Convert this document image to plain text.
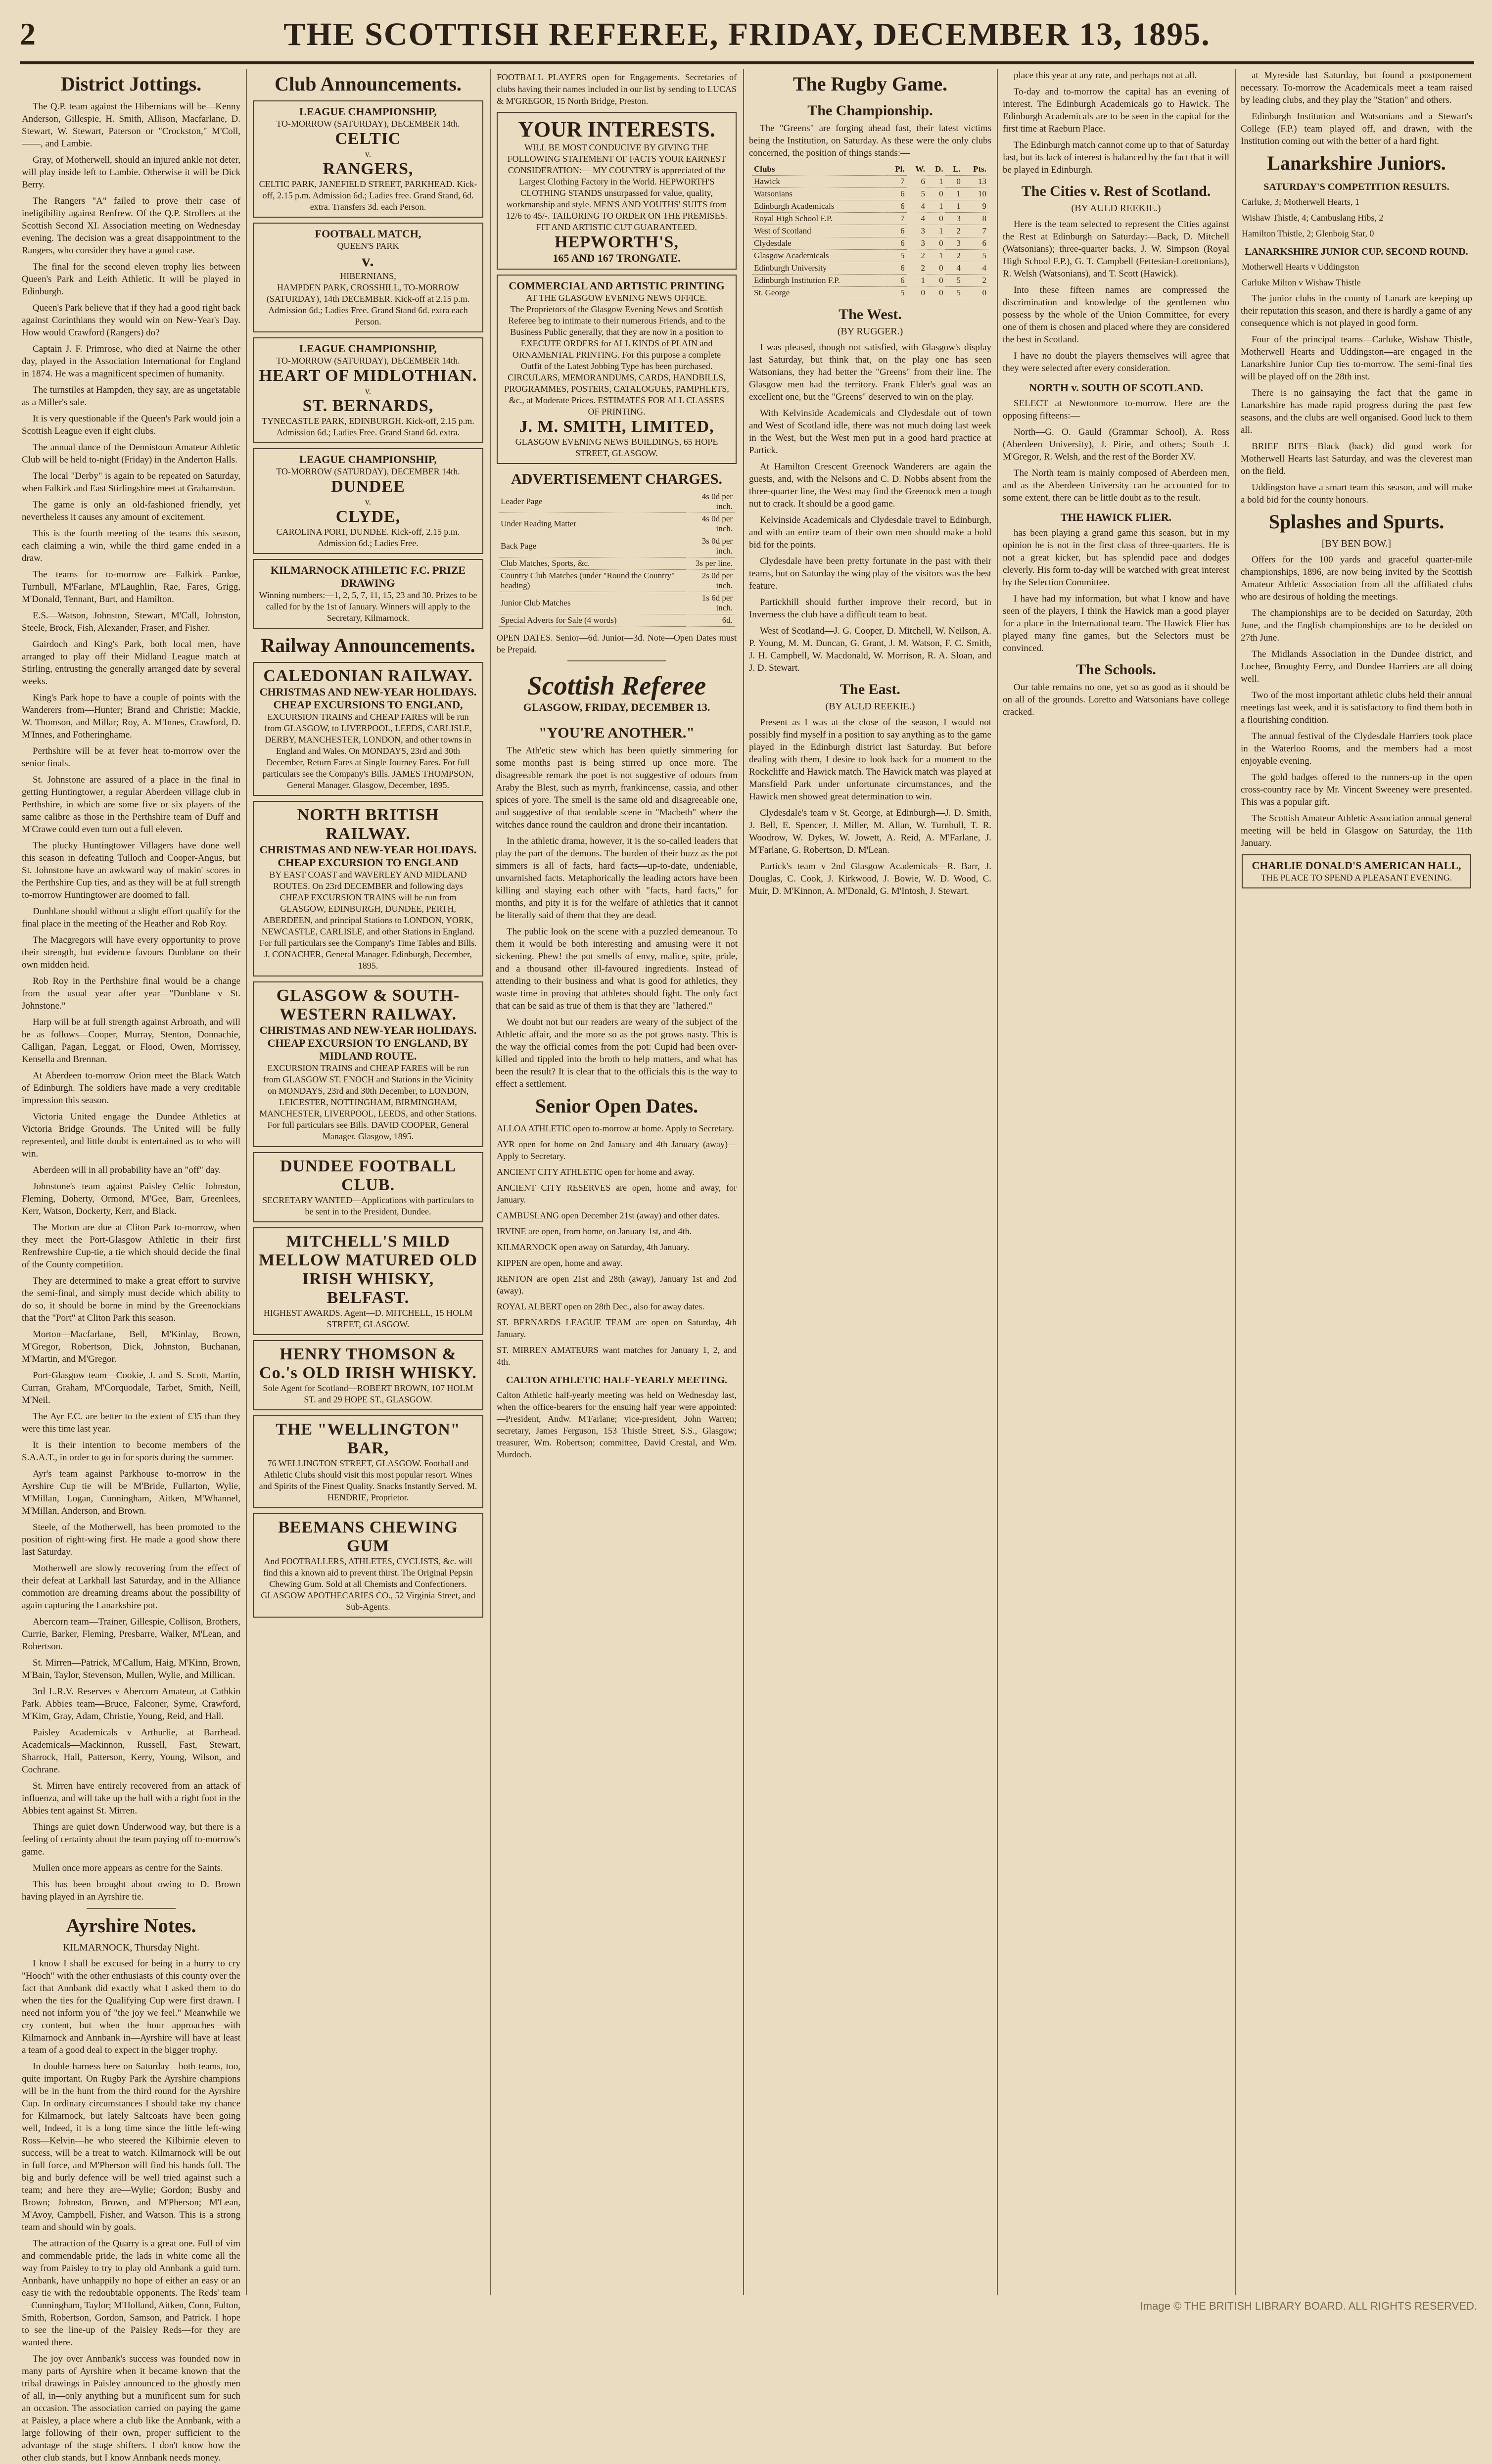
2	THE SCOTTISH REFEREE, FRIDAY, DECEMBER 13, 1895.
District Jottings.
The Q.P. team against the Hibernians will be—Kenny Anderson, Gillespie, H. Smith, Allison, Macfarlane, D. Stewart, W. Stewart, Paterson or "Crockston," M'Coll, ——, and Lambie.
Gray, of Motherwell, should an injured ankle not deter, will play inside left to Lambie. Otherwise it will be Dick Berry.
The Rangers "A" failed to prove their case of ineligibility against Renfrew. Of the Q.P. Strollers at the Scottish Second XI. Association meeting on Wednesday evening. The decision was a great disappointment to the Rangers, who consider they have a good case.
The final for the second eleven trophy lies between Queen's Park and Leith Athletic. It will be played in Edinburgh.
Queen's Park believe that if they had a good right back against Corinthians they would win on New-Year's Day. How would Crawford (Rangers) do?
Captain J. F. Primrose, who died at Nairne the other day, played in the Association International for England in 1874. He was a magnificent specimen of humanity.
The turnstiles at Hampden, they say, are as ungetatable as a Miller's sale.
It is very questionable if the Queen's Park would join a Scottish League even if eight clubs.
The annual dance of the Dennistoun Amateur Athletic Club will be held to-night (Friday) in the Anderton Halls.
The local "Derby" is again to be repeated on Saturday, when Falkirk and East Stirlingshire meet at Grahamston.
The game is only an old-fashioned friendly, yet nevertheless it causes any amount of excitement.
This is the fourth meeting of the teams this season, each claiming a win, while the third game ended in a draw.
The teams for to-morrow are—Falkirk—Pardoe, Turnbull, M'Farlane, M'Laughlin, Rae, Fares, Grigg, M'Donald, Tennant, Burt, and Hamilton.
E.S.—Watson, Johnston, Stewart, M'Call, Johnston, Steele, Brock, Fish, Alexander, Fraser, and Fisher.
Gairdoch and King's Park, both local men, have arranged to play off their Midland League match at Stirling, entrusting the generally arranged date by several weeks.
King's Park hope to have a couple of points with the Wanderers from—Hunter; Brand and Christie; Mackie, W. Thomson, and Millar; Roy, A. M'Innes, Crawford, D. M'Innes, and Fotheringhame.
Perthshire will be at fever heat to-morrow over the senior finals.
St. Johnstone are assured of a place in the final in getting Huntingtower, a regular Aberdeen village club in Perthshire, in which are some five or six players of the same calibre as those in the Perthshire team of Duff and M'Crawe could even turn out a full eleven.
The plucky Huntingtower Villagers have done well this season in defeating Tulloch and Cooper-Angus, but St. Johnstone have an awkward way of makin' scores in the Perthshire Cup ties, and as they will be at full strength to-morrow Huntingtower are doomed to fall.
Dunblane should without a slight effort qualify for the final place in the meeting of the Heather and Rob Roy.
The Macgregors will have every opportunity to prove their strength, but evidence favours Dunblane on their own midden heid.
Rob Roy in the Perthshire final would be a change from the usual year after year—"Dunblane v St. Johnstone."
Harp will be at full strength against Arbroath, and will be as follows—Cooper, Murray, Stenton, Donnachie, Calligan, Pagan, Leggat, or Flood, Owen, Morrissey, Kensella and Brennan.
At Aberdeen to-morrow Orion meet the Black Watch of Edinburgh. The soldiers have made a very creditable impression this season.
Victoria United engage the Dundee Athletics at Victoria Bridge Grounds. The United will be fully represented, and little doubt is entertained as to who will win.
Aberdeen will in all probability have an "off" day.
Johnstone's team against Paisley Celtic—Johnston, Fleming, Doherty, Ormond, M'Gee, Barr, Greenlees, Kerr, Watson, Dockerty, Kerr, and Black.
The Morton are due at Cliton Park to-morrow, when they meet the Port-Glasgow Athletic in their first Renfrewshire Cup-tie, a tie which should decide the final of the County competition.
They are determined to make a great effort to survive the semi-final, and simply must decide which ability to do so, it should be borne in mind by the Greenockians that the "Port" at Cliton Park this season.
Morton—Macfarlane, Bell, M'Kinlay, Brown, M'Gregor, Robertson, Dick, Johnston, Buchanan, M'Martin, and M'Gregor.
Port-Glasgow team—Cookie, J. and S. Scott, Martin, Curran, Graham, M'Corquodale, Tarbet, Smith, Neill, M'Neil.
The Ayr F.C. are better to the extent of £35 than they were this time last year.
It is their intention to become members of the S.A.A.T., in order to go in for sports during the summer.
Ayr's team against Parkhouse to-morrow in the Ayrshire Cup tie will be M'Bride, Fullarton, Wylie, M'Millan, Logan, Cunningham, Aitken, M'Whannel, M'Millan, Anderson, and Brown.
Steele, of the Motherwell, has been promoted to the position of right-wing first. He made a good show there last Saturday.
Motherwell are slowly recovering from the effect of their defeat at Larkhall last Saturday, and in the Alliance commotion are dreaming dreams about the possibility of again capturing the Lanarkshire pot.
Abercorn team—Trainer, Gillespie, Collison, Brothers, Currie, Barker, Fleming, Presbarre, Walker, M'Lean, and Robertson.
St. Mirren—Patrick, M'Callum, Haig, M'Kinn, Brown, M'Bain, Taylor, Stevenson, Mullen, Wylie, and Millican.
3rd L.R.V. Reserves v Abercorn Amateur, at Cathkin Park. Abbies team—Bruce, Falconer, Syme, Crawford, M'Kim, Gray, Adam, Christie, Young, Reid, and Hall.
Paisley Academicals v Arthurlie, at Barrhead. Academicals—Mackinnon, Russell, Fast, Stewart, Sharrock, Hall, Patterson, Kerry, Young, Wilson, and Cochrane.
St. Mirren have entirely recovered from an attack of influenza, and will take up the ball with a right foot in the Abbies tent against St. Mirren.
Things are quiet down Underwood way, but there is a feeling of certainty about the team paying off to-morrow's game.
Mullen once more appears as centre for the Saints.
This has been brought about owing to D. Brown having played in an Ayrshire tie.
Ayrshire Notes.
KILMARNOCK, Thursday Night.
I know I shall be excused for being in a hurry to cry "Hooch" with the other enthusiasts of this county over the fact that Annbank did exactly what I asked them to do when the ties for the Qualifying Cup were first drawn. I need not inform you of "the joy we feel." Meanwhile we cry content, but when the hour approaches—with Kilmarnock and Annbank in—Ayrshire will have at least a team of a good deal to expect in the bigger trophy.
In double harness here on Saturday—both teams, too, quite important. On Rugby Park the Ayrshire champions will be in the hunt from the third round for the Ayrshire Cup. In ordinary circumstances I should take my chance for Kilmarnock, but lately Saltcoats have been going well, Indeed, it is a long time since the little left-wing Ross—Kelvin—he who steered the Kilbirnie eleven to success, will be a treat to watch. Kilmarnock will be out in full force, and M'Pherson will find his hands full. The big and burly defence will be well tried against such a team; and here they are—Wylie; Gordon; Busby and Brown; Johnston, Brown, and M'Pherson; M'Lean, M'Avoy, Campbell, Fisher, and Watson. This is a strong team and should win by goals.
The attraction of the Quarry is a great one. Full of vim and commendable pride, the lads in white come all the way from Paisley to try to play old Annbank a guid turn. Annbank, have unhappily no hope of either an easy or an easy tie with the redoubtable opponents. The Reds' team—Cunningham, Taylor; M'Holland, Aitken, Conn, Fulton, Smith, Robertson, Gordon, Samson, and Patrick. I hope to see the line-up of the Paisley Reds—for they are wanted there.
The joy over Annbank's success was founded now in many parts of Ayrshire when it became known that the tribal drawings in Paisley announced to the ghostly men of all, in—only anything but a munificent sum for such an occasion. The association carried on paying the game at Paisley, a place where a club like the Annbank, with a large following of their own, proper sufficient to the advantage of the stage shifters. I don't know how the other club stands, but I know Annbank needs money.
Club Announcements.
LEAGUE CHAMPIONSHIP,
TO-MORROW (SATURDAY), DECEMBER 14th.
CELTIC
v.
RANGERS,
CELTIC PARK, JANEFIELD STREET, PARKHEAD. Kick-off, 2.15 p.m. Admission 6d.; Ladies free. Grand Stand, 6d. extra. Transfers 3d. each Person.
FOOTBALL MATCH,
QUEEN'S PARK
v.
HIBERNIANS,
HAMPDEN PARK, CROSSHILL, TO-MORROW (SATURDAY), 14th DECEMBER. Kick-off at 2.15 p.m. Admission 6d.; Ladies Free. Grand Stand 6d. extra each Person.
LEAGUE CHAMPIONSHIP,
TO-MORROW (SATURDAY), DECEMBER 14th.
HEART OF MIDLOTHIAN.
v.
ST. BERNARDS,
TYNECASTLE PARK, EDINBURGH. Kick-off, 2.15 p.m. Admission 6d.; Ladies Free. Grand Stand 6d. extra.
LEAGUE CHAMPIONSHIP,
TO-MORROW (SATURDAY), DECEMBER 14th.
DUNDEE
v.
CLYDE,
CAROLINA PORT, DUNDEE. Kick-off, 2.15 p.m. Admission 6d.; Ladies Free.
KILMARNOCK ATHLETIC F.C. PRIZE DRAWING
Winning numbers:—1, 2, 5, 7, 11, 15, 23 and 30. Prizes to be called for by the 1st of January. Winners will apply to the Secretary, Kilmarnock.
Railway Announcements.
CALEDONIAN RAILWAY.
CHRISTMAS AND NEW-YEAR HOLIDAYS.
CHEAP EXCURSIONS TO ENGLAND,
EXCURSION TRAINS and CHEAP FARES will be run from GLASGOW, to LIVERPOOL, LEEDS, CARLISLE, DERBY, MANCHESTER, LONDON, and other towns in England and Wales. On MONDAYS, 23rd and 30th December, Return Fares at Single Journey Fares. For full particulars see the Company's Bills. JAMES THOMPSON, General Manager. Glasgow, December, 1895.
NORTH BRITISH RAILWAY.
CHRISTMAS AND NEW-YEAR HOLIDAYS.
CHEAP EXCURSION TO ENGLAND
BY EAST COAST and WAVERLEY AND MIDLAND ROUTES. On 23rd DECEMBER and following days CHEAP EXCURSION TRAINS will be run from GLASGOW, EDINBURGH, DUNDEE, PERTH, ABERDEEN, and principal Stations to LONDON, YORK, NEWCASTLE, CARLISLE, and other Stations in England. For full particulars see the Company's Time Tables and Bills. J. CONACHER, General Manager. Edinburgh, December, 1895.
GLASGOW & SOUTH-WESTERN RAILWAY.
CHRISTMAS AND NEW-YEAR HOLIDAYS.
CHEAP EXCURSION TO ENGLAND, BY MIDLAND ROUTE.
EXCURSION TRAINS and CHEAP FARES will be run from GLASGOW ST. ENOCH and Stations in the Vicinity on MONDAYS, 23rd and 30th December, to LONDON, LEICESTER, NOTTINGHAM, BIRMINGHAM, MANCHESTER, LIVERPOOL, LEEDS, and other Stations. For full particulars see Bills. DAVID COOPER, General Manager. Glasgow, 1895.
DUNDEE FOOTBALL CLUB.
SECRETARY WANTED—Applications with particulars to be sent in to the President, Dundee.
MITCHELL'S MILD MELLOW MATURED OLD IRISH WHISKY, BELFAST.
HIGHEST AWARDS. Agent—D. MITCHELL, 15 HOLM STREET, GLASGOW.
HENRY THOMSON & Co.'s OLD IRISH WHISKY.
Sole Agent for Scotland—ROBERT BROWN, 107 HOLM ST. and 29 HOPE ST., GLASGOW.
THE "WELLINGTON" BAR,
76 WELLINGTON STREET, GLASGOW. Football and Athletic Clubs should visit this most popular resort. Wines and Spirits of the Finest Quality. Snacks Instantly Served. M. HENDRIE, Proprietor.
BEEMANS CHEWING GUM
And FOOTBALLERS, ATHLETES, CYCLISTS, &c. will find this a known aid to prevent thirst. The Original Pepsin Chewing Gum. Sold at all Chemists and Confectioners. GLASGOW APOTHECARIES CO., 52 Virginia Street, and Sub-Agents.
FOOTBALL PLAYERS open for Engagements. Secretaries of clubs having their names included in our list by sending to LUCAS & M'GREGOR, 15 North Bridge, Preston.
YOUR INTERESTS.
WILL BE MOST CONDUCIVE BY GIVING THE FOLLOWING STATEMENT OF FACTS YOUR EARNEST CONSIDERATION:— MY COUNTRY is appreciated of the Largest Clothing Factory in the World. HEPWORTH'S CLOTHING STANDS unsurpassed for value, quality, workmanship and style. MEN'S AND YOUTHS' SUITS from 12/6 to 45/-. TAILORING TO ORDER ON THE PREMISES. FIT AND ARTISTIC CUT GUARANTEED.
HEPWORTH'S,
165 AND 167 TRONGATE.
COMMERCIAL AND ARTISTIC PRINTING
AT THE GLASGOW EVENING NEWS OFFICE.
The Proprietors of the Glasgow Evening News and Scottish Referee beg to intimate to their numerous Friends, and to the Business Public generally, that they are now in a position to EXECUTE ORDERS for ALL KINDS of PLAIN and ORNAMENTAL PRINTING. For this purpose a complete Outfit of the Latest Jobbing Type has been purchased. CIRCULARS, MEMORANDUMS, CARDS, HANDBILLS, PROGRAMMES, POSTERS, CATALOGUES, PAMPHLETS, &c., at Moderate Prices. ESTIMATES FOR ALL CLASSES OF PRINTING.
J. M. SMITH, LIMITED,
GLASGOW EVENING NEWS BUILDINGS, 65 HOPE STREET, GLASGOW.
ADVERTISEMENT CHARGES.
Leader Page	4s 0d per inch.
Under Reading Matter	4s 0d per inch.
Back Page	3s 0d per inch.
Club Matches, Sports, &c.	3s per line.
Country Club Matches (under "Round the Country" heading)	2s 0d per inch.
Junior Club Matches	1s 6d per inch.
Special Adverts for Sale (4 words)	6d.
OPEN DATES. Senior—6d. Junior—3d. Note—Open Dates must be Prepaid.
Scottish Referee
GLASGOW, FRIDAY, DECEMBER 13.
"YOU'RE ANOTHER."
The Ath'etic stew which has been quietly simmering for some months past is being stirred up once more. The disagreeable remark the poet is not suggestive of odours from Araby the Blest, such as myrrh, frankincense, cassia, and other spices of yore. The smell is the same old and disagreeable one, and suggestive of that tendable scene in "Macbeth" where the witches dance round the cauldron and drone their incantation.
In the athletic drama, however, it is the so-called leaders that play the part of the demons. The burden of their buzz as the pot simmers is all of facts, hard facts—up-to-date, undeniable, unvarnished facts. Metaphorically the leading actors have been killing and slaying each other with "facts, hard facts," for months, and pity it is for the welfare of athletics that it cannot be literally said of them that they are dead.
The public look on the scene with a puzzled demeanour. To them it would be both interesting and amusing were it not sickening. Phew! the pot smells of envy, malice, spite, pride, and a thousand other ill-favoured ingredients. Instead of attending to their business and what is good for athletics, they waste time in proving that athletes should fight. The only fact that can be said as true of them is that they are "lathered."
We doubt not but our readers are weary of the subject of the Athletic affair, and the more so as the pot grows nasty. This is the way the official comes from the pot: Cupid had been over-killed and tippled into the broth to help matters, and what has been the result? It is clear that to the officials this is the way to effect a settlement.
Senior Open Dates.
ALLOA ATHLETIC open to-morrow at home. Apply to Secretary.
AYR open for home on 2nd January and 4th January (away)—Apply to Secretary.
ANCIENT CITY ATHLETIC open for home and away.
ANCIENT CITY RESERVES are open, home and away, for January.
CAMBUSLANG open December 21st (away) and other dates.
IRVINE are open, from home, on January 1st, and 4th.
KILMARNOCK open away on Saturday, 4th January.
KIPPEN are open, home and away.
RENTON are open 21st and 28th (away), January 1st and 2nd (away).
ROYAL ALBERT open on 28th Dec., also for away dates.
ST. BERNARDS LEAGUE TEAM are open on Saturday, 4th January.
ST. MIRREN AMATEURS want matches for January 1, 2, and 4th.
CALTON ATHLETIC HALF-YEARLY MEETING.
Calton Athletic half-yearly meeting was held on Wednesday last, when the office-bearers for the ensuing half year were appointed:—President, Andw. M'Farlane; vice-president, John Warren; secretary, James Ferguson, 153 Thistle Street, S.S., Glasgow; treasurer, Wm. Robertson; committee, David Crestal, and Wm. Murdoch.
The Rugby Game.
The Championship.
The "Greens" are forging ahead fast, their latest victims being the Institution, on Saturday. As these were the only clubs concerned, the position of things stands:—
Clubs	Pl.	W.	D.	L.	Pts.
Hawick	7	6	1	0	13
Watsonians	6	5	0	1	10
Edinburgh Academicals	6	4	1	1	9
Royal High School F.P.	7	4	0	3	8
West of Scotland	6	3	1	2	7
Clydesdale	6	3	0	3	6
Glasgow Academicals	5	2	1	2	5
Edinburgh University	6	2	0	4	4
Edinburgh Institution F.P.	6	1	0	5	2
St. George	5	0	0	5	0
The West.
(BY RUGGER.)
I was pleased, though not satisfied, with Glasgow's display last Saturday, but think that, on the play one has seen Watsonians, they had better the "Greens" from their line. The Glasgow men had the territory. Frank Elder's goal was an excellent one, but the "Greens" deserved to win on the play.
With Kelvinside Academicals and Clydesdale out of town and West of Scotland idle, there was not much doing last week in the West, but the West men put in a good hard practice at Partick.
At Hamilton Crescent Greenock Wanderers are again the guests, and, with the Nelsons and C. D. Nobbs absent from the three-quarter line, the West may find the Greenock men a tough nut to crack. It should be a good game.
Kelvinside Academicals and Clydesdale travel to Edinburgh, and with an entire team of their own men should make a bold bid for the points.
Clydesdale have been pretty fortunate in the past with their teams, but on Saturday the wing play of the visitors was the best feature.
Partickhill should further improve their record, but in Inverness the club have a difficult team to beat.
West of Scotland—J. G. Cooper, D. Mitchell, W. Neilson, A. P. Young, M. M. Duncan, G. Grant, J. M. Watson, F. C. Smith, J. H. Campbell, W. Macdonald, W. Morrison, R. A. Sloan, and J. D. Stewart.
The East.
(BY AULD REEKIE.)
Present as I was at the close of the season, I would not possibly find myself in a position to say anything as to the game played in the Edinburgh district last Saturday. But before dealing with them, I desire to look back for a moment to the Rockcliffe and Hawick match. The Hawick match was played at Mansfield Park under unfortunate circumstances, and the Hawick men showed great determination to win.
Clydesdale's team v St. George, at Edinburgh—J. D. Smith, J. Bell, E. Spencer, J. Miller, M. Allan, W. Turnbull, T. R. Woodrow, W. Dykes, W. Jowett, A. Reid, A. M'Farlane, J. M'Farlane, G. Robertson, D. M'Lean.
Partick's team v 2nd Glasgow Academicals—R. Barr, J. Douglas, C. Cook, J. Kirkwood, J. Bowie, W. D. Wood, C. Muir, D. M'Kinnon, A. M'Donald, G. M'Intosh, J. Stewart.
place this year at any rate, and perhaps not at all.
To-day and to-morrow the capital has an evening of interest. The Edinburgh Academicals go to Hawick. The Edinburgh Academicals are to be seen in the capital for the first time at Raeburn Place.
The Edinburgh match cannot come up to that of Saturday last, but its lack of interest is balanced by the fact that it will be played in Edinburgh.
The Cities v. Rest of Scotland.
(BY AULD REEKIE.)
Here is the team selected to represent the Cities against the Rest at Edinburgh on Saturday:—Back, D. Mitchell (Watsonians); three-quarter backs, J. W. Simpson (Royal High School F.P.), G. T. Campbell (Fettesian-Lorettonians), R. Welsh (Watsonians), and T. Scott (Hawick).
Into these fifteen names are compressed the discrimination and knowledge of the gentlemen who possess by the whole of the Union Committee, for every one of them is chosen and placed where they are considered the best in Scotland.
I have no doubt the players themselves will agree that they were selected after every consideration.
NORTH v. SOUTH OF SCOTLAND.
SELECT at Newtonmore to-morrow. Here are the opposing fifteens:—
North—G. O. Gauld (Grammar School), A. Ross (Aberdeen University), J. Pirie, and others; South—J. M'Gregor, R. Welsh, and the rest of the Border XV.
The North team is mainly composed of Aberdeen men, and as the Aberdeen University can be accounted for to some extent, there can be little doubt as to the result.
THE HAWICK FLIER.
has been playing a grand game this season, but in my opinion he is not in the first class of three-quarters. He is not a great kicker, but has splendid pace and dodges cleverly. His form to-day will be watched with great interest by the Selection Committee.
I have had my information, but what I know and have seen of the players, I think the Hawick man a good player for a place in the International team. The Hawick Flier has played many fine games, but the Selectors must be convinced.
The Schools.
Our table remains no one, yet so as good as it should be on all of the grounds. Loretto and Watsonians have college cracked.
at Myreside last Saturday, but found a postponement necessary. To-morrow the Academicals meet a team raised by leading clubs, and they play the "Station" and others.
Edinburgh Institution and Watsonians and a Stewart's College (F.P.) team played off, and drawn, with the Institution coming out with the better of a hard fight.
Lanarkshire Juniors.
SATURDAY'S COMPETITION RESULTS.
Carluke, 3; Motherwell Hearts, 1
Wishaw Thistle, 4; Cambuslang Hibs, 2
Hamilton Thistle, 2; Glenboig Star, 0
LANARKSHIRE JUNIOR CUP. SECOND ROUND.
Motherwell Hearts v Uddingston
Carluke Milton v Wishaw Thistle
The junior clubs in the county of Lanark are keeping up their reputation this season, and there is hardly a game of any consequence which is not played in good form.
Four of the principal teams—Carluke, Wishaw Thistle, Motherwell Hearts and Uddingston—are engaged in the Lanarkshire Junior Cup ties to-morrow. The semi-final ties will be played off on the 28th inst.
There is no gainsaying the fact that the game in Lanarkshire has made rapid progress during the past few seasons, and the clubs are well organised. Good luck to them all.
BRIEF BITS—Black (back) did good work for Motherwell Hearts last Saturday, and was the cleverest man on the field.
Uddingston have a smart team this season, and will make a bold bid for the county honours.
Splashes and Spurts.
[BY BEN BOW.]
Offers for the 100 yards and graceful quarter-mile championships, 1896, are now being invited by the Scottish Amateur Athletic Association from all the affiliated clubs who are desirous of holding the meetings.
The championships are to be decided on Saturday, 20th June, and the English championships are to be decided on 27th June.
The Midlands Association in the Dundee district, and Lochee, Broughty Ferry, and Dundee Harriers are all doing well.
Two of the most important athletic clubs held their annual meetings last week, and it is satisfactory to find them both in a flourishing condition.
The annual festival of the Clydesdale Harriers took place in the Waterloo Rooms, and the members had a most enjoyable evening.
The gold badges offered to the runners-up in the open cross-country race by Mr. Vincent Sweeney were presented. This was a popular gift.
The Scottish Amateur Athletic Association annual general meeting will be held in Glasgow on Saturday, the 11th January.
CHARLIE DONALD'S AMERICAN HALL,
THE PLACE TO SPEND A PLEASANT EVENING.
Image © THE BRITISH LIBRARY BOARD. ALL RIGHTS RESERVED.
